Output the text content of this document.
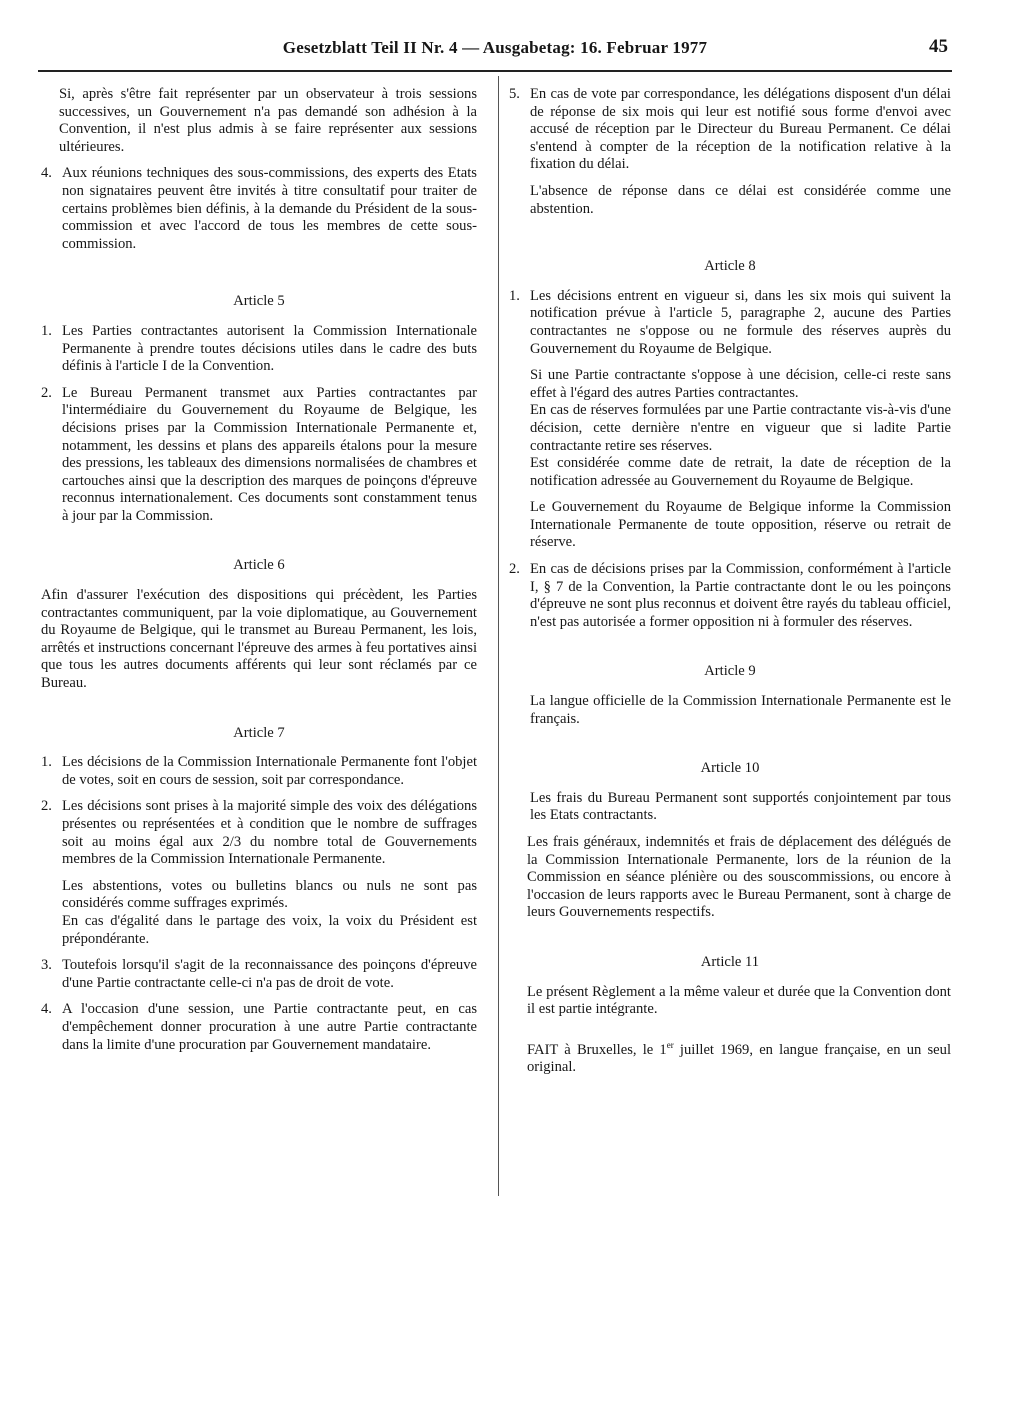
Gesetzblatt Teil II Nr. 4 — Ausgabetag: 16. Februar 1977	45

Si, après s'être fait représenter par un observateur à trois sessions successives, un Gouvernement n'a pas demandé son adhésion à la Convention, il n'est plus admis à se faire représenter aux sessions ultérieures.

4. Aux réunions techniques des sous-commissions, des experts des Etats non signataires peuvent être invités à titre consultatif pour traiter de certains problèmes bien définis, à la demande du Président de la sous-commission et avec l'accord de tous les membres de cette sous-commission.
Article 5
1. Les Parties contractantes autorisent la Commission Internationale Permanente à prendre toutes décisions utiles dans le cadre des buts définis à l'article I de la Convention.
2. Le Bureau Permanent transmet aux Parties contractantes par l'intermédiaire du Gouvernement du Royaume de Belgique, les décisions prises par la Commission Internationale Permanente et, notamment, les dessins et plans des appareils étalons pour la mesure des pressions, les tableaux des dimensions normalisées de chambres et cartouches ainsi que la description des marques de poinçons d'épreuve reconnus internationalement. Ces documents sont constamment tenus à jour par la Commission.
Article 6

Afin d'assurer l'exécution des dispositions qui précèdent, les Parties contractantes communiquent, par la voie diplomatique, au Gouvernement du Royaume de Belgique, qui le transmet au Bureau Permanent, les lois, arrêtés et instructions concernant l'épreuve des armes à feu portatives ainsi que tous les autres documents afférents qui leur sont réclamés par ce Bureau.

Article 7
1. Les décisions de la Commission Internationale Permanente font l'objet de votes, soit en cours de session, soit par correspondance.
2. Les décisions sont prises à la majorité simple des voix des délégations présentes ou représentées et à condition que le nombre de suffrages soit au moins égal aux 2/3 du nombre total de Gouvernements membres de la Commission Internationale Permanente.

Les abstentions, votes ou bulletins blancs ou nuls ne sont pas considérés comme suffrages exprimés.

En cas d'égalité dans le partage des voix, la voix du Président est prépondérante.

3. Toutefois lorsqu'il s'agit de la reconnaissance des poinçons d'épreuve d'une Partie contractante celle-ci n'a pas de droit de vote.
4. A l'occasion d'une session, une Partie contractante peut, en cas d'empêchement donner procuration à une autre Partie contractante dans la limite d'une procuration par Gouvernement mandataire.
5. En cas de vote par correspondance, les délégations disposent d'un délai de réponse de six mois qui leur est notifié sous forme d'envoi avec accusé de réception par le Directeur du Bureau Permanent. Ce délai s'entend à compter de la réception de la notification relative à la fixation du délai.

L'absence de réponse dans ce délai est considérée comme une abstention.

Article 8
1. Les décisions entrent en vigueur si, dans les six mois qui suivent la notification prévue à l'article 5, paragraphe 2, aucune des Parties contractantes ne s'oppose ou ne formule des réserves auprès du Gouvernement du Royaume de Belgique.

Si une Partie contractante s'oppose à une décision, celle-ci reste sans effet à l'égard des autres Parties contractantes.

En cas de réserves formulées par une Partie contractante vis-à-vis d'une décision, cette dernière n'entre en vigueur que si ladite Partie contractante retire ses réserves.

Est considérée comme date de retrait, la date de réception de la notification adressée au Gouvernement du Royaume de Belgique.

Le Gouvernement du Royaume de Belgique informe la Commission Internationale Permanente de toute opposition, réserve ou retrait de réserve.

2. En cas de décisions prises par la Commission, conformément à l'article I, § 7 de la Convention, la Partie contractante dont le ou les poinçons d'épreuve ne sont plus reconnus et doivent être rayés du tableau officiel, n'est pas autorisée a former opposition ni à formuler des réserves.
Article 9

La langue officielle de la Commission Internationale Permanente est le français.

Article 10

Les frais du Bureau Permanent sont supportés conjointement par tous les Etats contractants.

Les frais généraux, indemnités et frais de déplacement des délégués de la Commission Internationale Permanente, lors de la réunion de la Commission en séance plénière ou des souscommissions, ou encore à l'occasion de leurs rapports avec le Bureau Permanent, sont à charge de leurs Gouvernements respectifs.

Article 11

Le présent Règlement a la même valeur et durée que la Convention dont il est partie intégrante.

FAIT à Bruxelles, le 1er juillet 1969, en langue française, en un seul original.
